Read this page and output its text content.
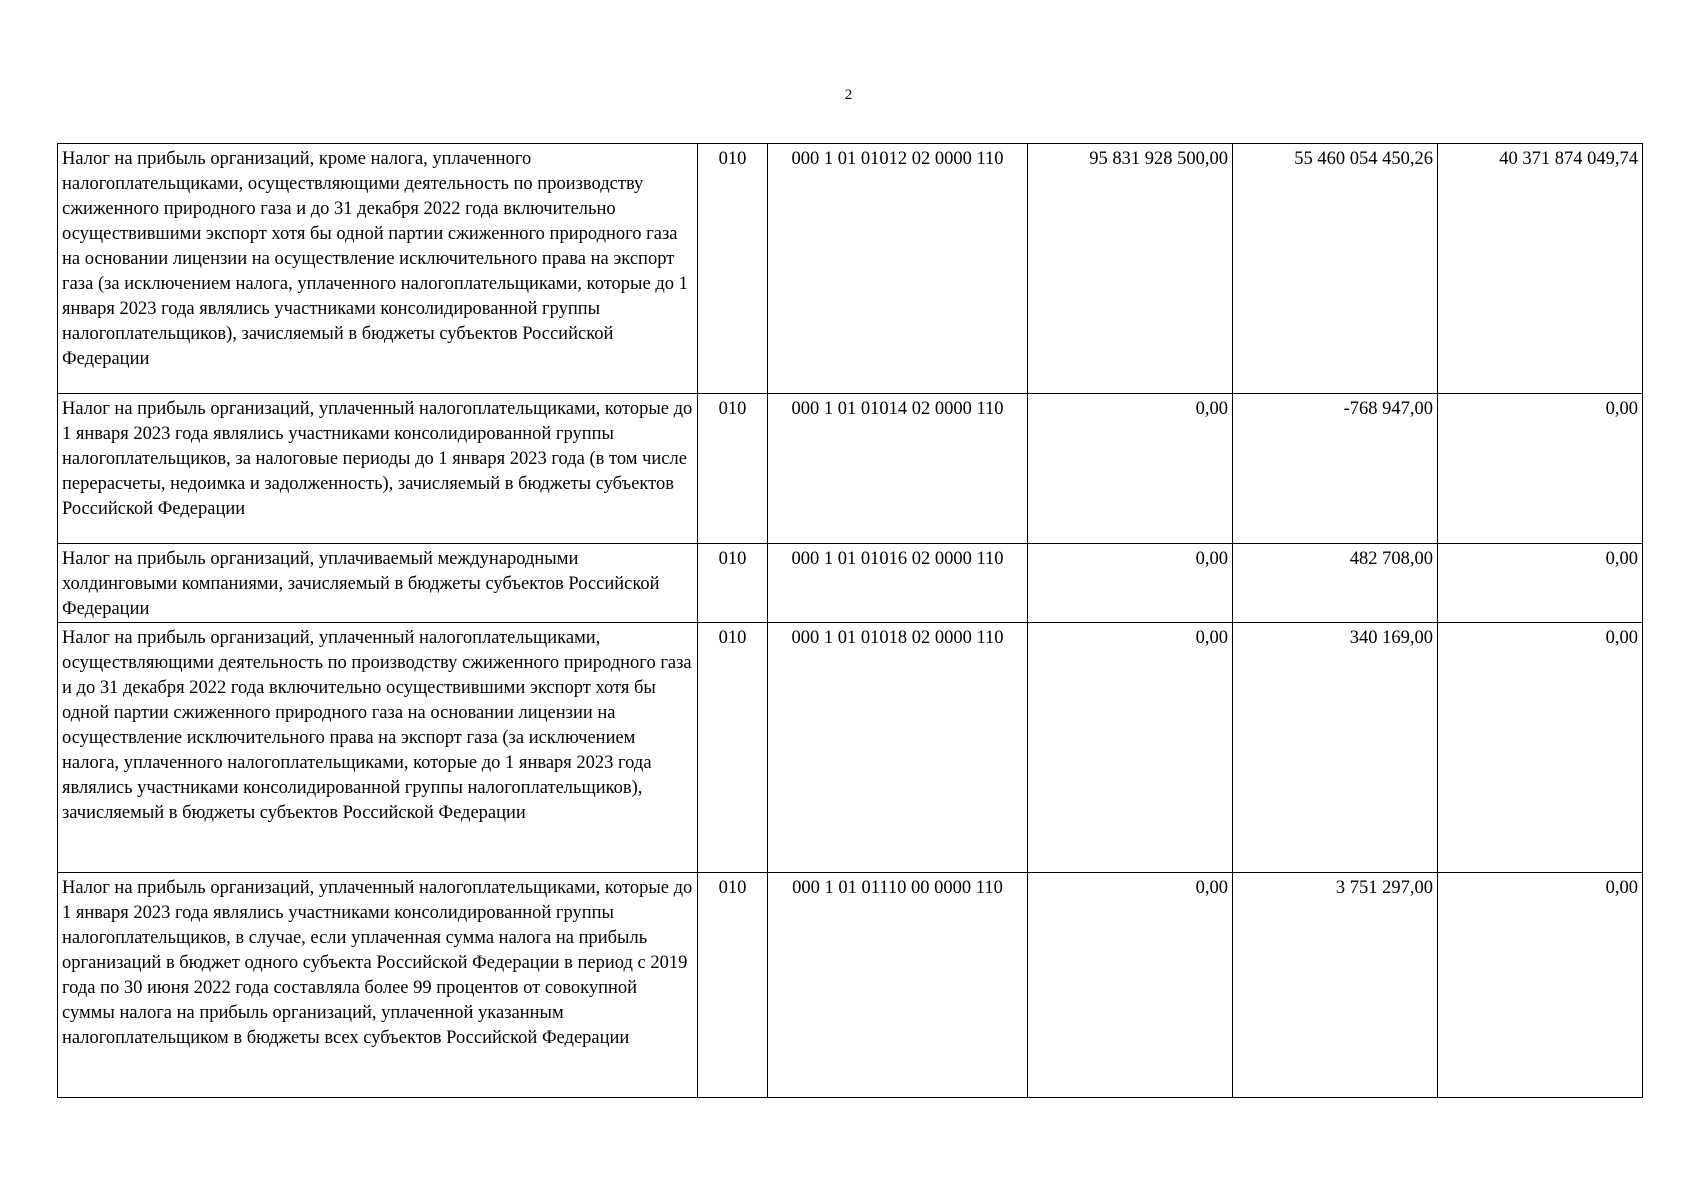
2
Налог на прибыль организаций, кроме налога, уплаченного налогоплательщиками, осуществляющими деятельность по производству сжиженного природного газа и до 31 декабря 2022 года включительно осуществившими экспорт хотя бы одной партии сжиженного природного газа на основании лицензии на осуществление исключительного права на экспорт газа (за исключением налога, уплаченного налогоплательщиками, которые до 1 января 2023 года являлись участниками консолидированной группы налогоплательщиков), зачисляемый в бюджеты субъектов Российской Федерации	010	000 1 01 01012 02 0000 110	95 831 928 500,00	55 460 054 450,26	40 371 874 049,74
Налог на прибыль организаций, уплаченный налогоплательщиками, которые до 1 января 2023 года являлись участниками консолидированной группы налогоплательщиков, за налоговые периоды до 1 января 2023 года (в том числе перерасчеты, недоимка и задолженность), зачисляемый в бюджеты субъектов Российской Федерации	010	000 1 01 01014 02 0000 110	0,00	-768 947,00	0,00
Налог на прибыль организаций, уплачиваемый международными холдинговыми компаниями, зачисляемый в бюджеты субъектов Российской Федерации	010	000 1 01 01016 02 0000 110	0,00	482 708,00	0,00
Налог на прибыль организаций, уплаченный налогоплательщиками, осуществляющими деятельность по производству сжиженного природного газа и до 31 декабря 2022 года включительно осуществившими экспорт хотя бы одной партии сжиженного природного газа на основании лицензии на осуществление исключительного права на экспорт газа (за исключением налога, уплаченного налогоплательщиками, которые до 1 января 2023 года являлись участниками консолидированной группы налогоплательщиков), зачисляемый в бюджеты субъектов Российской Федерации	010	000 1 01 01018 02 0000 110	0,00	340 169,00	0,00
Налог на прибыль организаций, уплаченный налогоплательщиками, которые до 1 января 2023 года являлись участниками консолидированной группы налогоплательщиков, в случае, если уплаченная сумма налога на прибыль организаций в бюджет одного субъекта Российской Федерации в период с 2019 года по 30 июня 2022 года составляла более 99 процентов от совокупной суммы налога на прибыль организаций, уплаченной указанным налогоплательщиком в бюджеты всех субъектов Российской Федерации	010	000 1 01 01110 00 0000 110	0,00	3 751 297,00	0,00
